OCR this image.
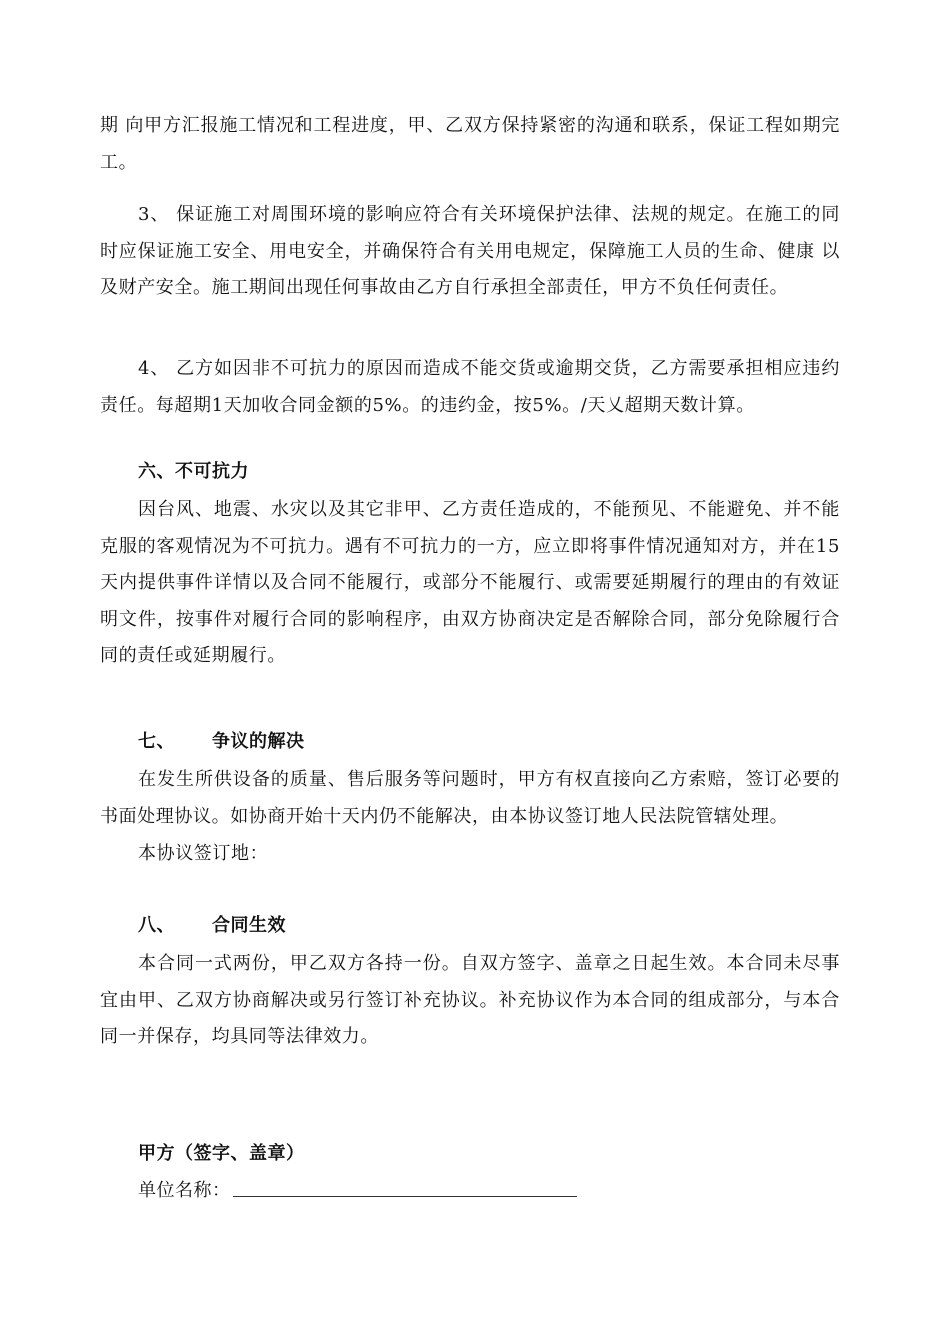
期 向甲方汇报施工情况和工程进度，甲、乙双方保持紧密的沟通和联系，保证工程如期完 工。

3、 保证施工对周围环境的影响应符合有关环境保护法律、法规的规定。在施工的同 时应保证施工安全、用电安全，并确保符合有关用电规定，保障施工人员的生命、健康 以及财产安全。施工期间出现任何事故由乙方自行承担全部责任，甲方不负任何责任。

4、 乙方如因非不可抗力的原因而造成不能交货或逾期交货，乙方需要承担相应违约 责任。每超期1天加收合同金额的5%。的违约金，按5%。/天乂超期天数计算。

六、不可抗力

因台风、地震、水灾以及其它非甲、乙方责任造成的，不能预见、不能避免、并不能克服的客观情况为不可抗力。遇有不可抗力的一方，应立即将事件情况通知对方，并在15天内提供事件详情以及合同不能履行，或部分不能履行、或需要延期履行的理由的有效证明文件，按事件对履行合同的影响程序，由双方协商决定是否解除合同，部分免除履行合同的责任或延期履行。

七、 争议的解决

在发生所供设备的质量、售后服务等问题时，甲方有权直接向乙方索赔，签订必要的书面处理协议。如协商开始十天内仍不能解决，由本协议签订地人民法院管辖处理。

本协议签订地：

八、 合同生效

本合同一式两份，甲乙双方各持一份。自双方签字、盖章之日起生效。本合同未尽事宜由甲、乙双方协商解决或另行签订补充协议。补充协议作为本合同的组成部分，与本合同一并保存，均具同等法律效力。

甲方（签字、盖章）

单位名称：
